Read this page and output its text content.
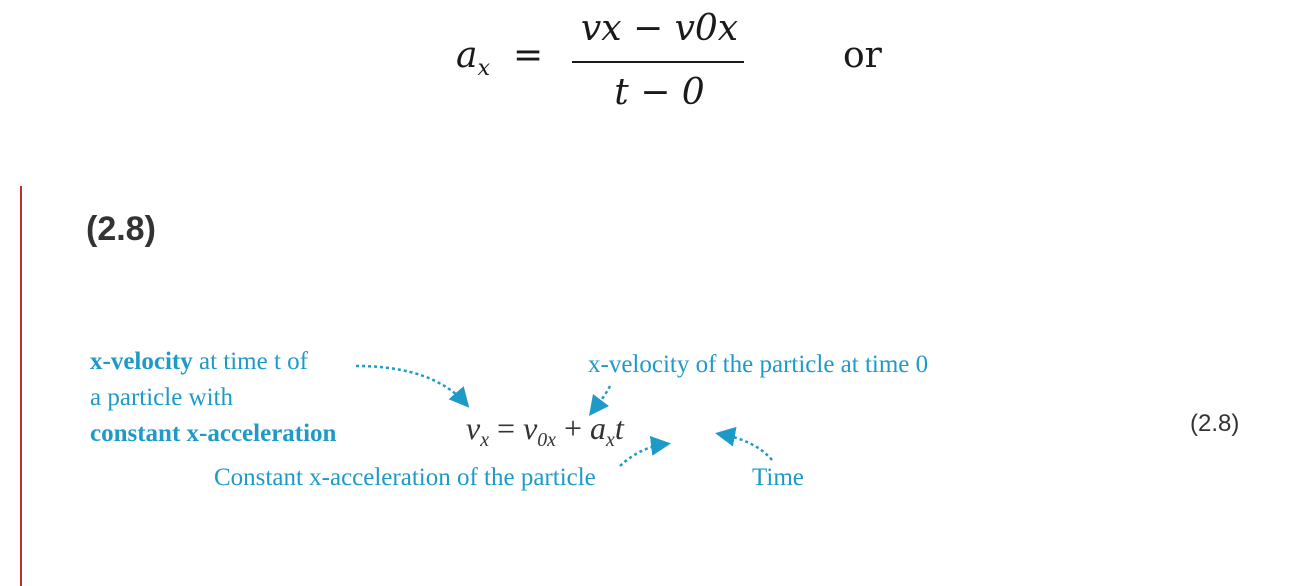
$a_x$ =
vx − v0x
t − 0
or
(2.8)
x-velocity at time t of
a particle with
constant x-acceleration
x-velocity of the particle at time 0
Constant x-acceleration of the particle	Time
$v_x = v_{0x} + a_xt$	(2.8)
